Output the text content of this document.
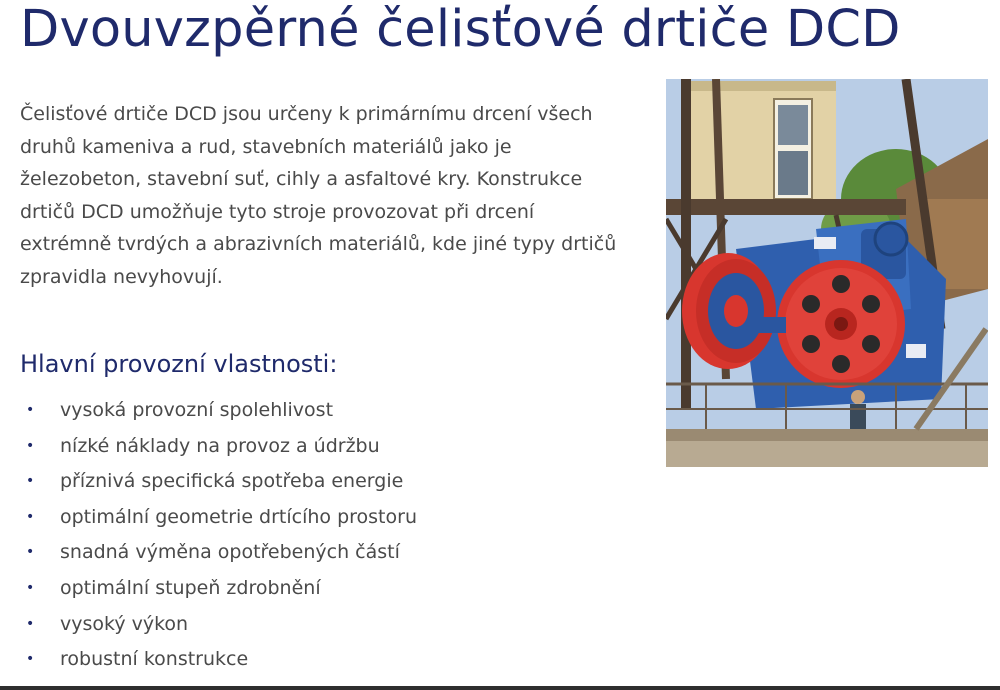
Dvouvzpěrné čelisťové drtiče DCD

Čelisťové drtiče DCD jsou určeny k primárnímu drcení všech druhů kameniva a rud, stavebních materiálů jako je železobeton, stavební suť, cihly a asfaltové kry. Konstrukce drtičů DCD umožňuje tyto stroje provozovat při drcení extrémně tvrdých a abrazivních materiálů, kde jiné typy drtičů zpravidla nevyhovují.

Hlavní provozní vlastnosti:
• vysoká provozní spolehlivost
• nízké náklady na provoz a údržbu
• příznivá specifická spotřeba energie
• optimální geometrie drtícího prostoru
• snadná výměna opotřebených částí
• optimální stupeň zdrobnění
• vysoký výkon
• robustní konstrukce
